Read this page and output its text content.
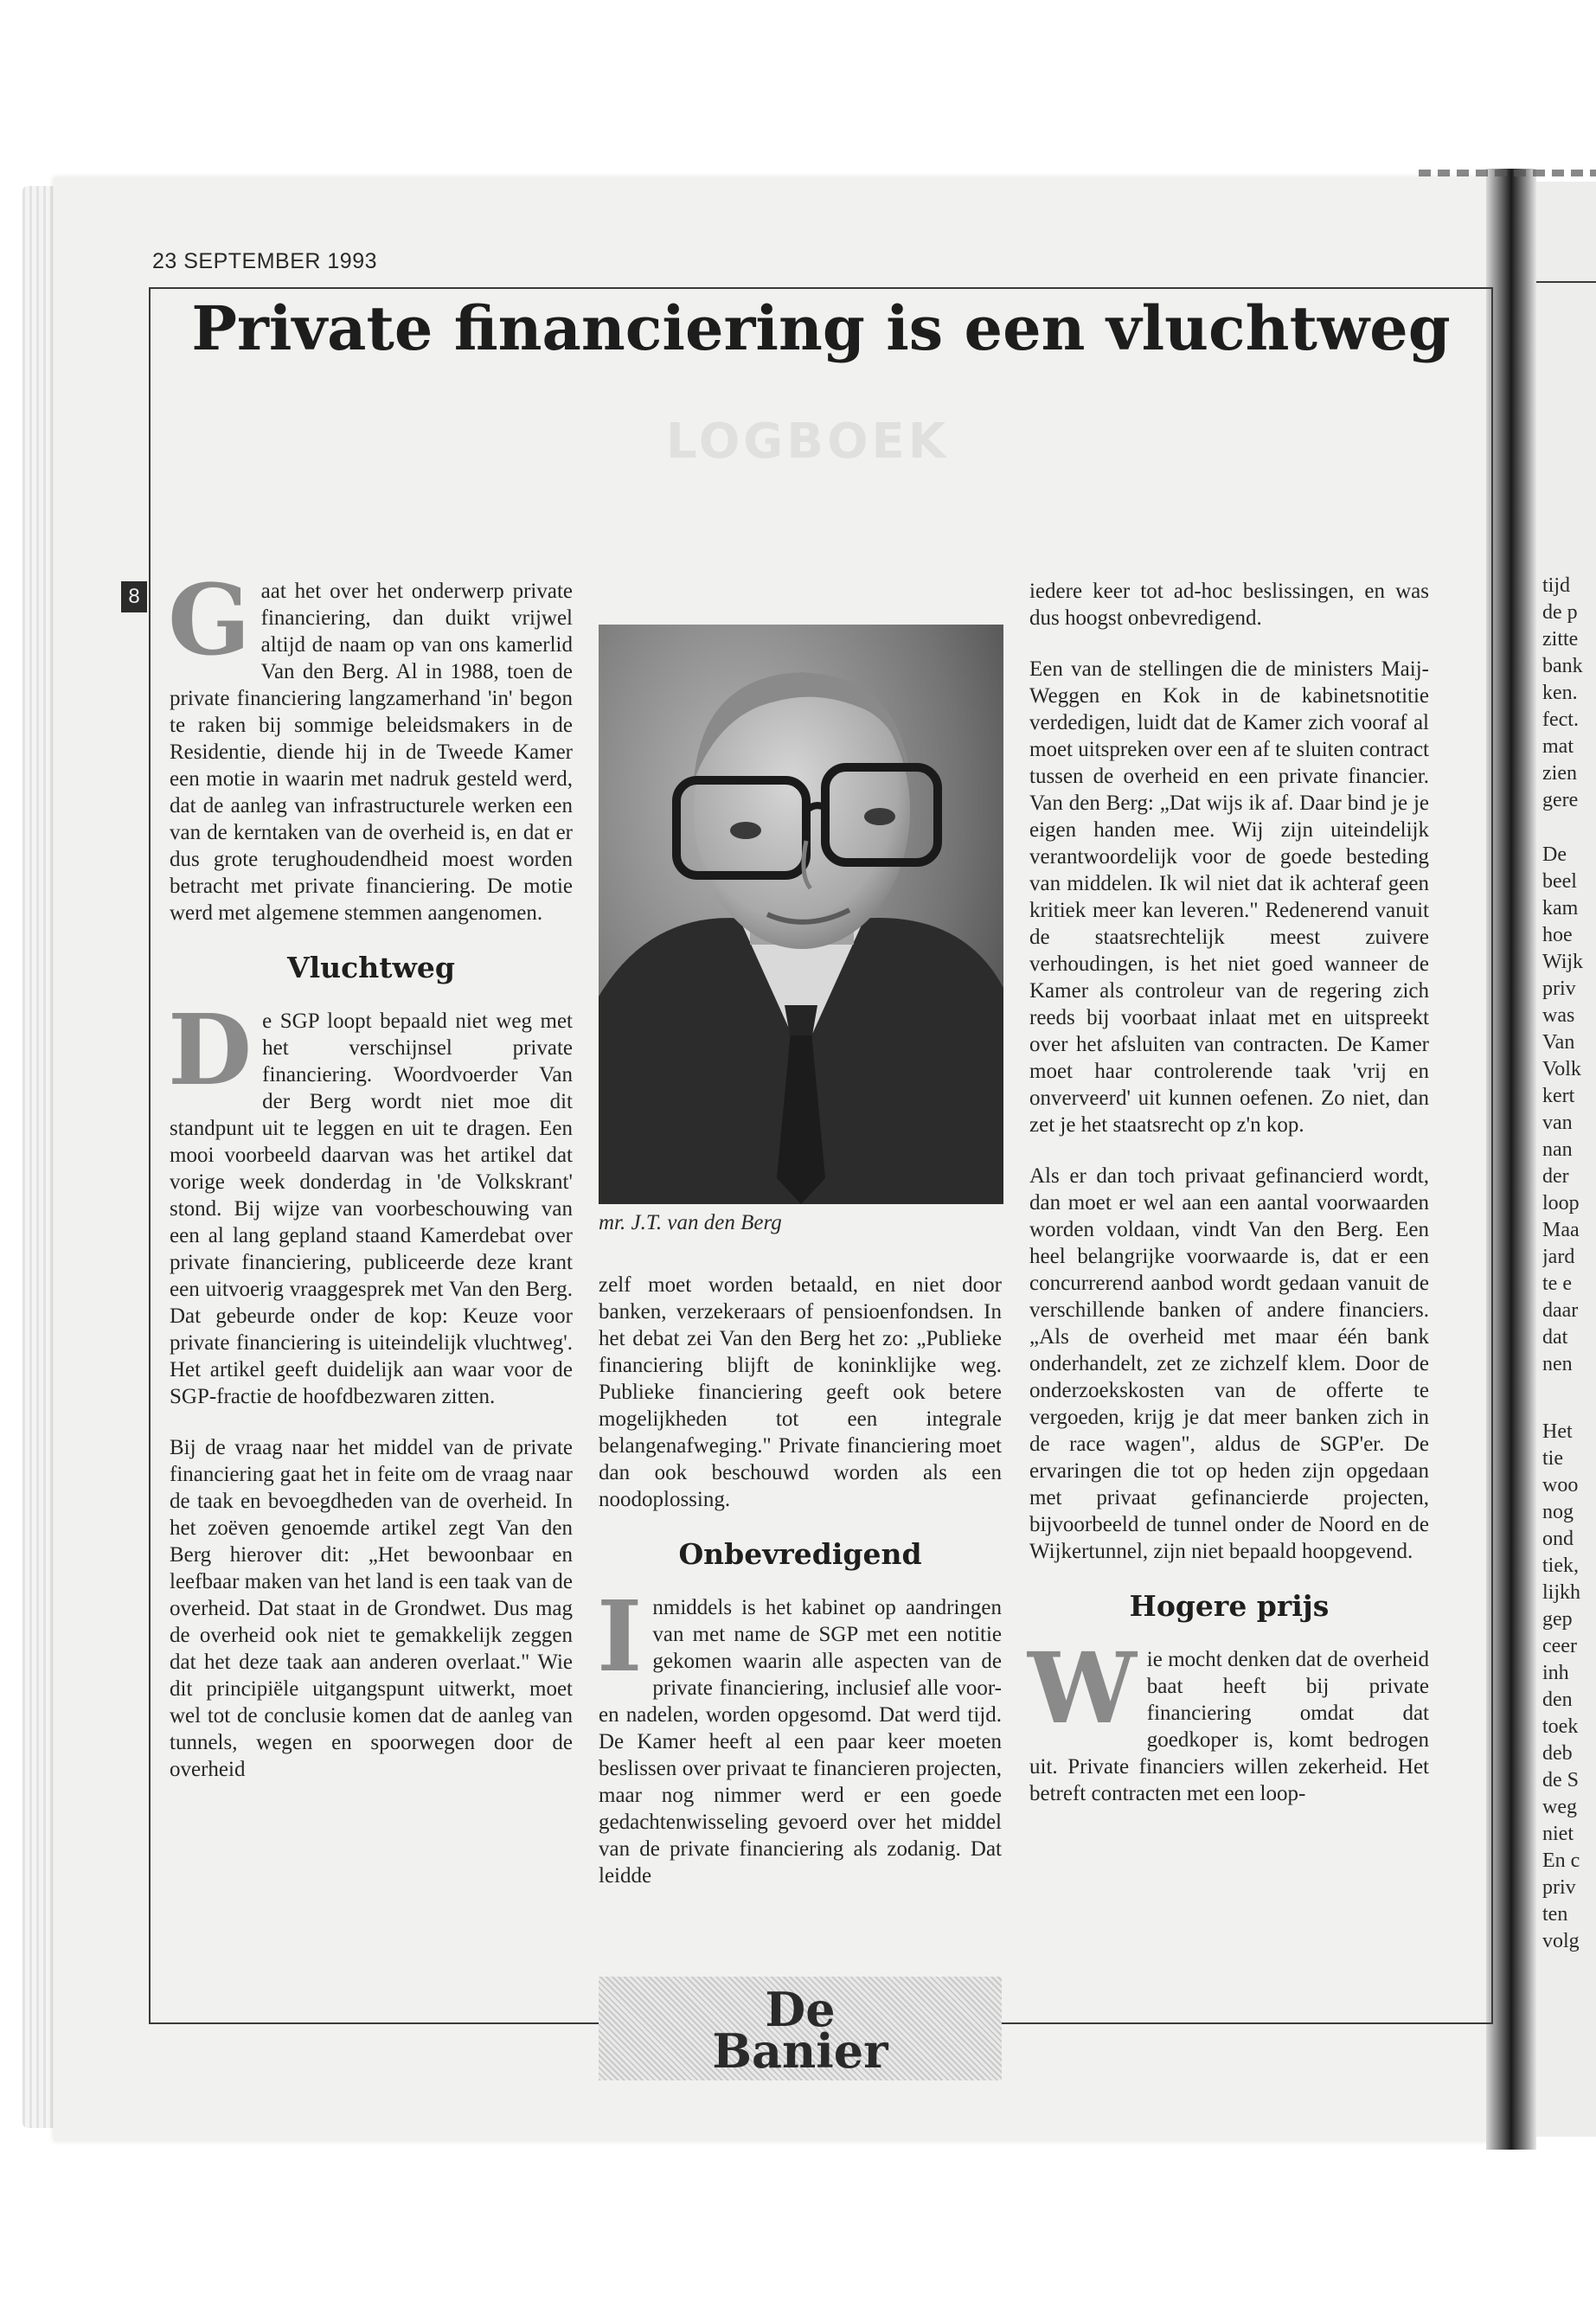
23 SEPTEMBER 1993
Private financiering is een vluchtweg
LOGBOEK
8 Gaat het over het onderwerp private financiering, dan duikt vrijwel altijd de naam op van ons kamerlid Van den Berg. Al in 1988, toen de private financiering langzamerhand 'in' begon te raken bij sommige beleidsmakers in de Residentie, diende hij in de Tweede Kamer een motie in waarin met nadruk gesteld werd, dat de aanleg van infrastructurele werken een van de kerntaken van de overheid is, en dat er dus grote terughoudendheid moest worden betracht met private financiering. De motie werd met algemene stemmen aangenomen.

Vluchtweg

De SGP loopt bepaald niet weg met het verschijnsel private financiering. Woordvoerder Van der Berg wordt niet moe dit standpunt uit te leggen en uit te dragen. Een mooi voorbeeld daarvan was het artikel dat vorige week donderdag in 'de Volkskrant' stond. Bij wijze van voorbeschouwing van een al lang gepland staand Kamerdebat over private financiering, publiceerde deze krant een uitvoerig vraaggesprek met Van den Berg. Dat gebeurde onder de kop: Keuze voor private financiering is uiteindelijk vluchtweg'. Het artikel geeft duidelijk aan waar voor de SGP-fractie de hoofdbezwaren zitten.

Bij de vraag naar het middel van de private financiering gaat het in feite om de vraag naar de taak en bevoegdheden van de overheid. In het zoëven genoemde artikel zegt Van den Berg hierover dit: „Het bewoonbaar en leefbaar maken van het land is een taak van de overheid. Dat staat in de Grondwet. Dus mag de overheid ook niet te gemakkelijk zeggen dat het deze taak aan anderen overlaat." Wie dit principiële uitgangspunt uitwerkt, moet wel tot de conclusie komen dat de aanleg van tunnels, wegen en spoorwegen door de overheid

mr. J.T. van den Berg

zelf moet worden betaald, en niet door banken, verzekeraars of pensioenfondsen. In het debat zei Van den Berg het zo: „Publieke financiering blijft de koninklijke weg. Publieke financiering geeft ook betere mogelijkheden tot een integrale belangenafweging." Private financiering moet dan ook beschouwd worden als een noodoplossing.

Onbevredigend

Inmiddels is het kabinet op aandringen van met name de SGP met een notitie gekomen waarin alle aspecten van de private financiering, inclusief alle voor- en nadelen, worden opgesomd. Dat werd tijd. De Kamer heeft al een paar keer moeten beslissen over privaat te financieren projecten, maar nog nimmer werd er een goede gedachtenwisseling gevoerd over het middel van de private financiering als zodanig. Dat leidde

De
Banier

iedere keer tot ad-hoc beslissingen, en was dus hoogst onbevredigend.

Een van de stellingen die de ministers Maij-Weggen en Kok in de kabinetsnotitie verdedigen, luidt dat de Kamer zich vooraf al moet uitspreken over een af te sluiten contract tussen de overheid en een private financier. Van den Berg: „Dat wijs ik af. Daar bind je je eigen handen mee. Wij zijn uiteindelijk verantwoordelijk voor de goede besteding van middelen. Ik wil niet dat ik achteraf geen kritiek meer kan leveren." Redenerend vanuit de staatsrechtelijk meest zuivere verhoudingen, is het niet goed wanneer de Kamer als controleur van de regering zich reeds bij voorbaat inlaat met en uitspreekt over het afsluiten van contracten. De Kamer moet haar controlerende taak 'vrij en onverveerd' uit kunnen oefenen. Zo niet, dan zet je het staatsrecht op z'n kop.

Als er dan toch privaat gefinancierd wordt, dan moet er wel aan een aantal voorwaarden worden voldaan, vindt Van den Berg. Een heel belangrijke voorwaarde is, dat er een concurrerend aanbod wordt gedaan vanuit de verschillende banken of andere financiers. „Als de overheid met maar één bank onderhandelt, zet ze zichzelf klem. Door de onderzoekskosten van de offerte te vergoeden, krijg je dat meer banken zich in de race wagen", aldus de SGP'er. De ervaringen die tot op heden zijn opgedaan met privaat gefinancierde projecten, bijvoorbeeld de tunnel onder de Noord en de Wijkertunnel, zijn niet bepaald hoopgevend.

Hogere prijs

Wie mocht denken dat de overheid baat heeft bij private financiering omdat dat goedkoper is, komt bedrogen uit. Private financiers willen zekerheid. Het betreft contracten met een loop-

tijd
de p
zitte
bank
ken.
fect.
mat
zien
gere
De
beel
kam
hoe
Wijk
priv
was
Van
Volk
kert
van
nan
der
loop
Maa
jard
te e
daar
dat
nen
Het
tie
woo
nog
ond
tiek,
lijkh
gep
ceer
inh
den
toek
deb
de S
weg
niet
En c
priv
ten
volg
